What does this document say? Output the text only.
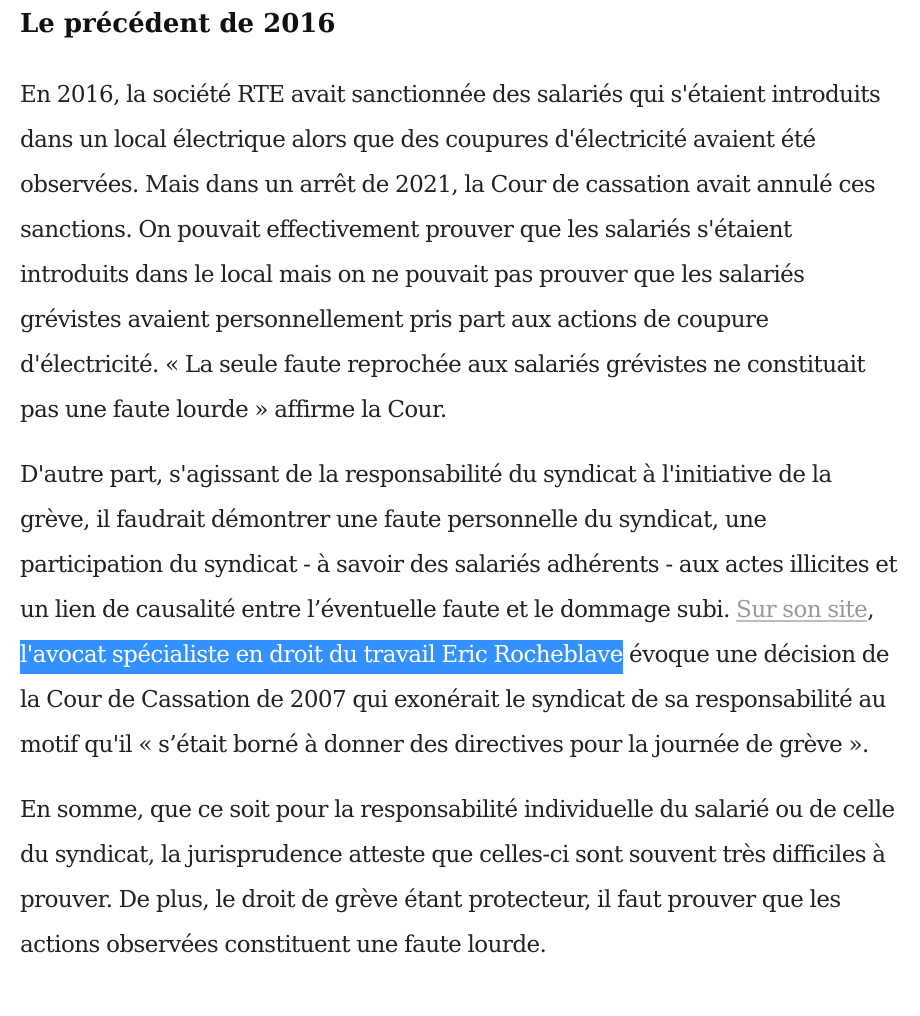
Le précédent de 2016

En 2016, la société RTE avait sanctionnée des salariés qui s'étaient introduits dans un local électrique alors que des coupures d'électricité avaient été observées. Mais dans un arrêt de 2021, la Cour de cassation avait annulé ces sanctions. On pouvait effectivement prouver que les salariés s'étaient introduits dans le local mais on ne pouvait pas prouver que les salariés grévistes avaient personnellement pris part aux actions de coupure d'électricité. « La seule faute reprochée aux salariés grévistes ne constituait pas une faute lourde » affirme la Cour.

D'autre part, s'agissant de la responsabilité du syndicat à l'initiative de la grève, il faudrait démontrer une faute personnelle du syndicat, une participation du syndicat - à savoir des salariés adhérents - aux actes illicites et un lien de causalité entre l’éventuelle faute et le dommage subi. Sur son site, l'avocat spécialiste en droit du travail Eric Rocheblave évoque une décision de la Cour de Cassation de 2007 qui exonérait le syndicat de sa responsabilité au motif qu'il « s’était borné à donner des directives pour la journée de grève ».

En somme, que ce soit pour la responsabilité individuelle du salarié ou de celle du syndicat, la jurisprudence atteste que celles-ci sont souvent très difficiles à prouver. De plus, le droit de grève étant protecteur, il faut prouver que les actions observées constituent une faute lourde.
